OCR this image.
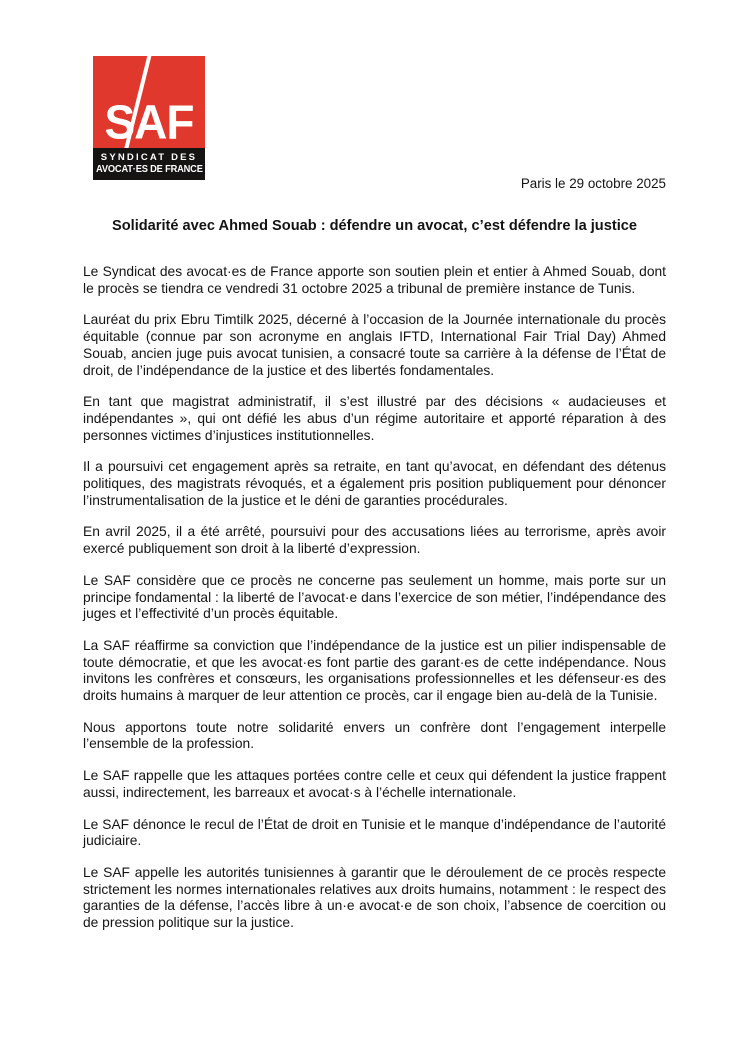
SAF
SYNDICAT DES
AVOCAT·ES DE FRANCE
Paris le 29 octobre 2025
Solidarité avec Ahmed Souab : défendre un avocat, c’est défendre la justice

Le Syndicat des avocat·es de France apporte son soutien plein et entier à Ahmed Souab, dont le procès se tiendra ce vendredi 31 octobre 2025 a tribunal de première instance de Tunis.

Lauréat du prix Ebru Timtilk 2025, décerné à l’occasion de la Journée internationale du procès équitable (connue par son acronyme en anglais IFTD, International Fair Trial Day) Ahmed Souab, ancien juge puis avocat tunisien, a consacré toute sa carrière à la défense de l’État de droit, de l’indépendance de la justice et des libertés fondamentales.

En tant que magistrat administratif, il s’est illustré par des décisions « audacieuses et indépendantes », qui ont défié les abus d’un régime autoritaire et apporté réparation à des personnes victimes d’injustices institutionnelles.

Il a poursuivi cet engagement après sa retraite, en tant qu’avocat, en défendant des détenus politiques, des magistrats révoqués, et a également pris position publiquement pour dénoncer l’instrumentalisation de la justice et le déni de garanties procédurales.

En avril 2025, il a été arrêté, poursuivi pour des accusations liées au terrorisme, après avoir exercé publiquement son droit à la liberté d’expression.

Le SAF considère que ce procès ne concerne pas seulement un homme, mais porte sur un principe fondamental : la liberté de l’avocat·e dans l’exercice de son métier, l’indépendance des juges et l’effectivité d’un procès équitable.

La SAF réaffirme sa conviction que l’indépendance de la justice est un pilier indispensable de toute démocratie, et que les avocat·es font partie des garant·es de cette indépendance. Nous invitons les confrères et consœurs, les organisations professionnelles et les défenseur·es des droits humains à marquer de leur attention ce procès, car il engage bien au-delà de la Tunisie.

Nous apportons toute notre solidarité envers un confrère dont l’engagement interpelle l’ensemble de la profession.

Le SAF rappelle que les attaques portées contre celle et ceux qui défendent la justice frappent aussi, indirectement, les barreaux et avocat·s à l’échelle internationale.

Le SAF dénonce le recul de l’État de droit en Tunisie et le manque d’indépendance de l’autorité judiciaire.

Le SAF appelle les autorités tunisiennes à garantir que le déroulement de ce procès respecte strictement les normes internationales relatives aux droits humains, notamment : le respect des garanties de la défense, l’accès libre à un·e avocat·e de son choix, l’absence de coercition ou de pression politique sur la justice.
